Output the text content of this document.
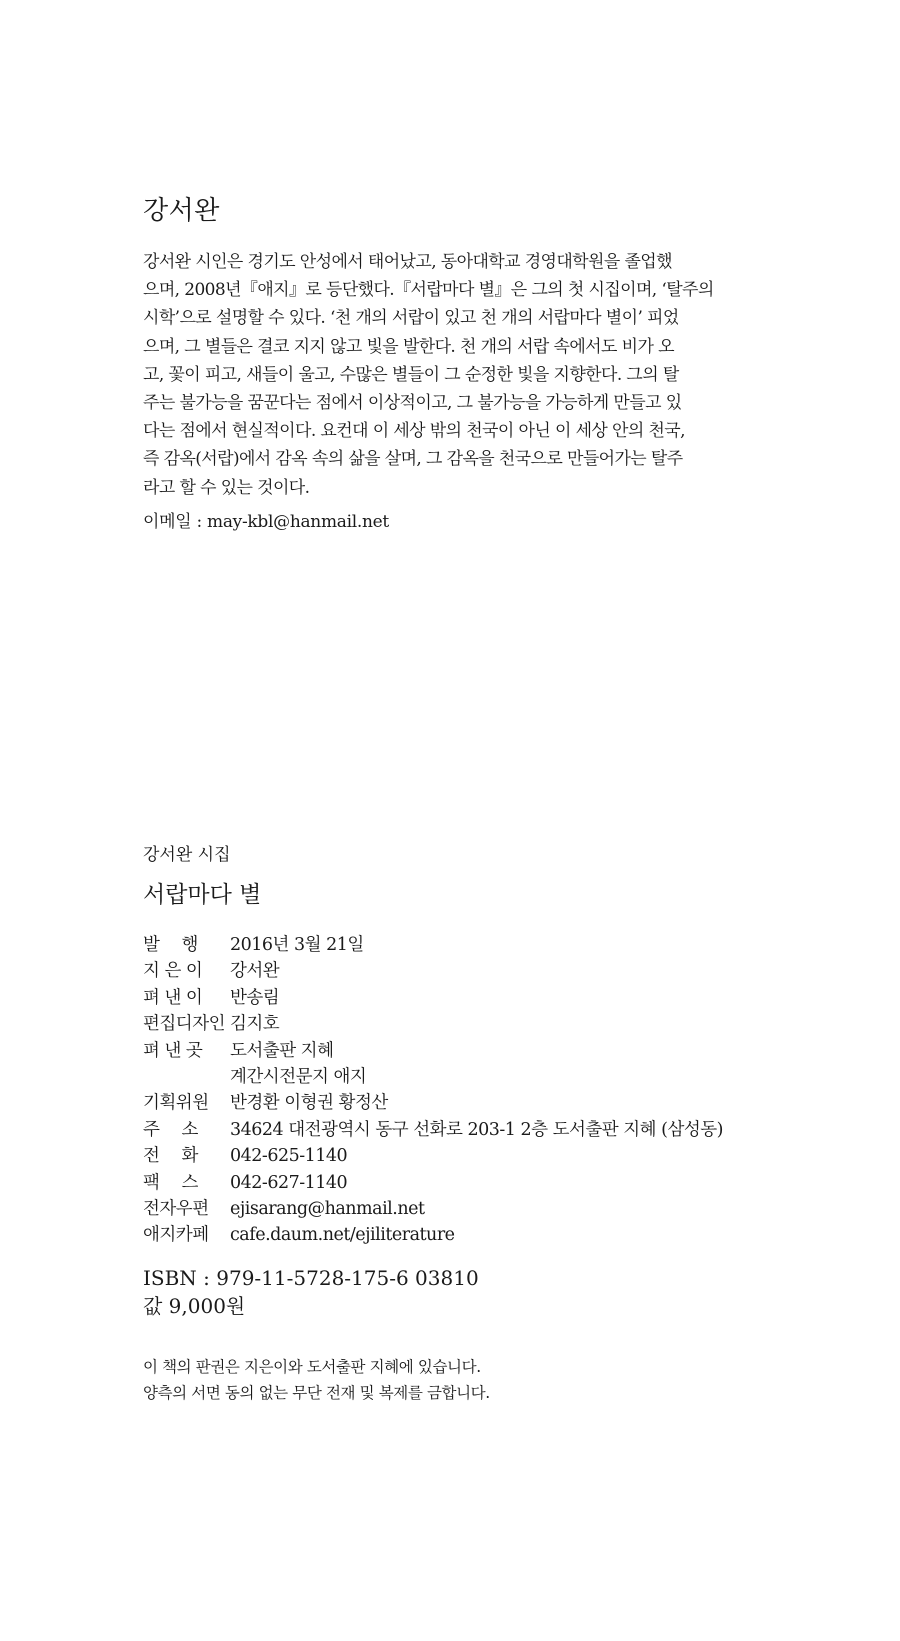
강서완

강서완 시인은 경기도 안성에서 태어났고, 동아대학교 경영대학원을 졸업했

으며, 2008년『애지』로 등단했다.『서랍마다 별』은 그의 첫 시집이며, ‘탈주의

시학’으로 설명할 수 있다. ‘천 개의 서랍이 있고 천 개의 서랍마다 별이’ 피었

으며, 그 별들은 결코 지지 않고 빛을 발한다. 천 개의 서랍 속에서도 비가 오

고, 꽃이 피고, 새들이 울고, 수많은 별들이 그 순정한 빛을 지향한다. 그의 탈

주는 불가능을 꿈꾼다는 점에서 이상적이고, 그 불가능을 가능하게 만들고 있

다는 점에서 현실적이다. 요컨대 이 세상 밖의 천국이 아닌 이 세상 안의 천국,

즉 감옥(서랍)에서 감옥 속의 삶을 살며, 그 감옥을 천국으로 만들어가는 탈주

라고 할 수 있는 것이다.

이메일 : may-kbl@hanmail.net
강서완 시집
서랍마다 별
발　 행	2016년 3월 21일
지 은 이	강서완
펴 낸 이	반송림
편집디자인 김지호
펴 낸 곳	도서출판 지혜
계간시전문지 애지
기획위원	반경환 이형권 황정산
주　 소	34624 대전광역시 동구 선화로 203-1 2층 도서출판 지혜 (삼성동)
전　 화	042-625-1140
팩　 스	042-627-1140
전자우편	ejisarang@hanmail.net
애지카페	cafe.daum.net/ejiliterature
ISBN : 979-11-5728-175-6 03810
값 9,000원
이 책의 판권은 지은이와 도서출판 지혜에 있습니다.
양측의 서면 동의 없는 무단 전재 및 복제를 금합니다.
